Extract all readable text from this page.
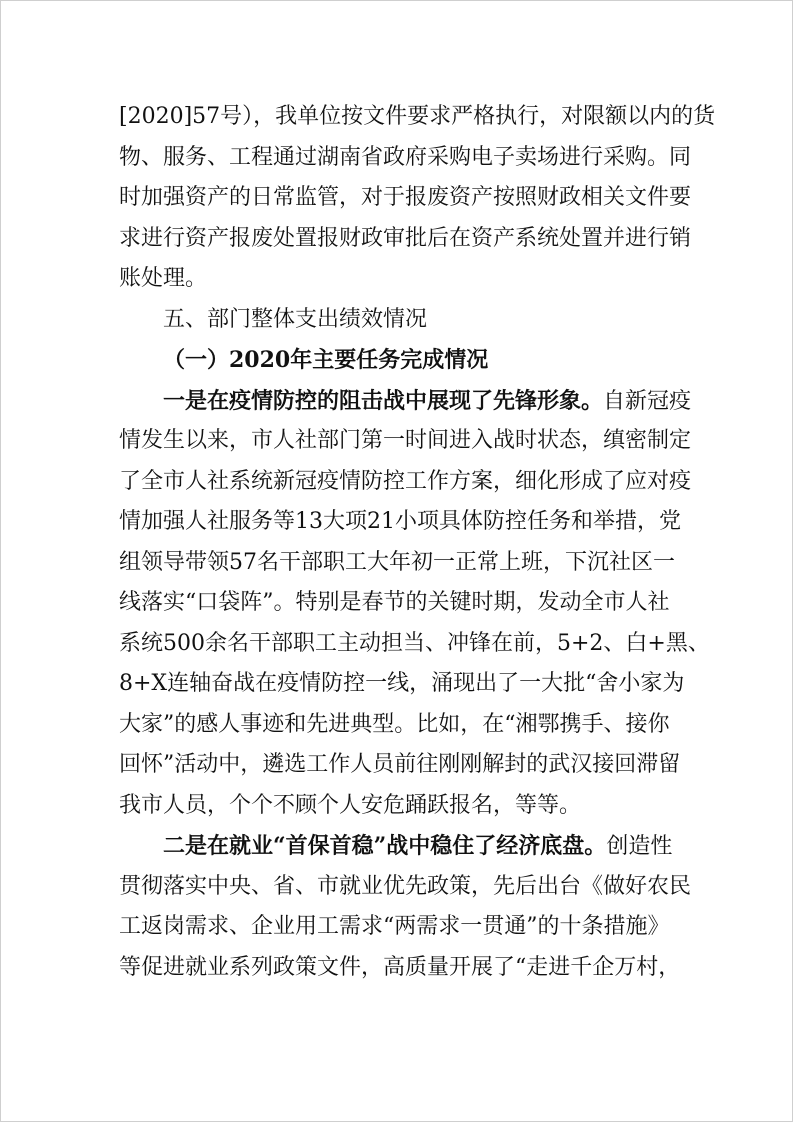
[2020]57号），我单位按文件要求严格执行，对限额以内的货
物、服务、工程通过湖南省政府采购电子卖场进行采购。同
时加强资产的日常监管，对于报废资产按照财政相关文件要
求进行资产报废处置报财政审批后在资产系统处置并进行销
账处理。
五、部门整体支出绩效情况
（一）2020年主要任务完成情况
一是在疫情防控的阻击战中展现了先锋形象。自新冠疫
情发生以来，市人社部门第一时间进入战时状态，缜密制定
了全市人社系统新冠疫情防控工作方案，细化形成了应对疫
情加强人社服务等13大项21小项具体防控任务和举措，党
组领导带领57名干部职工大年初一正常上班，下沉社区一
线落实“口袋阵”。特别是春节的关键时期，发动全市人社
系统500余名干部职工主动担当、冲锋在前，5+2、白+黑、
8+X连轴奋战在疫情防控一线，涌现出了一大批“舍小家为
大家”的感人事迹和先进典型。比如，在“湘鄂携手、接你
回怀”活动中，遴选工作人员前往刚刚解封的武汉接回滞留
我市人员，个个不顾个人安危踊跃报名，等等。
二是在就业“首保首稳”战中稳住了经济底盘。创造性
贯彻落实中央、省、市就业优先政策，先后出台《做好农民
工返岗需求、企业用工需求“两需求一贯通”的十条措施》
等促进就业系列政策文件，高质量开展了“走进千企万村，
